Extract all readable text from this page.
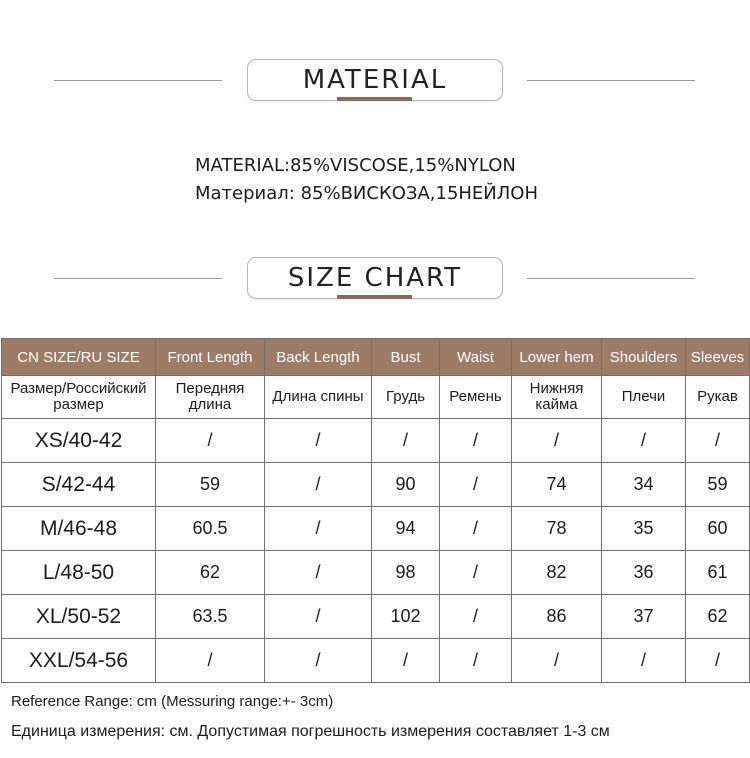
MATERIAL
MATERIAL:85%VISCOSE,15%NYLON
Материал: 85%ВИСКОЗА,15НЕЙЛОН
SIZE CHART
CN SIZE/RU SIZE	Front Length	Back Length	Bust	Waist	Lower hem	Shoulders	Sleeves
Размер/Российский размер	Передняя длина	Длина спины	Грудь	Ремень	Нижняя кайма	Плечи	Рукав
XS/40-42	/	/	/	/	/	/	/
S/42-44	59	/	90	/	74	34	59
M/46-48	60.5	/	94	/	78	35	60
L/48-50	62	/	98	/	82	36	61
XL/50-52	63.5	/	102	/	86	37	62
XXL/54-56	/	/	/	/	/	/	/
Reference Range: cm (Messuring range:+- 3cm)
Единица измерения: см. Допустимая погрешность измерения составляет 1-3 см
